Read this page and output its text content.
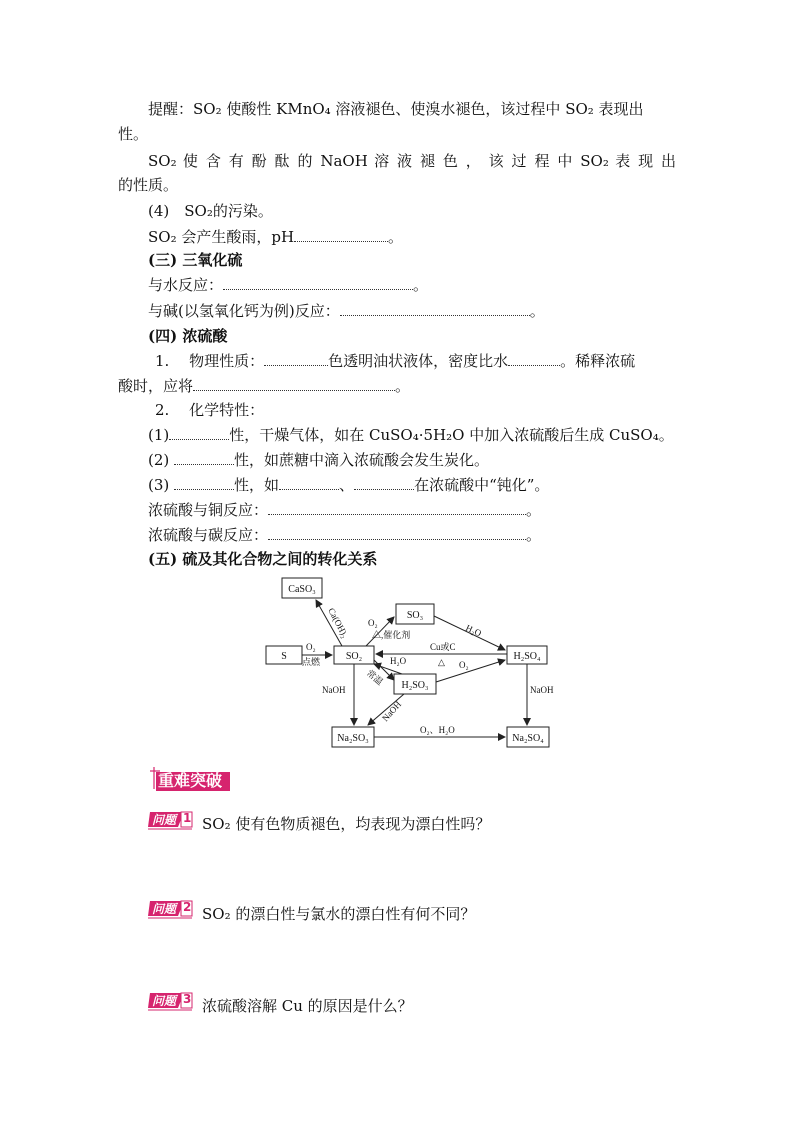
提醒：SO₂ 使酸性 KMnO₄ 溶液褪色、使溴水褪色，该过程中 SO₂ 表现出
性。
SO₂ 使 含 有 酚 酞 的 NaOH 溶 液 褪 色 ， 该 过 程 中 SO₂ 表 现 出
的性质。
(4)　SO₂的污染。
SO₂ 会产生酸雨，pH	。
(三) 三氧化硫
与水反应：	。
与碱(以氢氧化钙为例)反应：	。
(四) 浓硫酸
1.　 物理性质：	色透明油状液体，密度比水	。稀释浓硫
酸时，应将	。
2.　 化学特性：
(1)	性，干燥气体，如在 CuSO₄·5H₂O 中加入浓硫酸后生成 CuSO₄。
(2)	性，如蔗糖中滴入浓硫酸会发生炭化。
(3)	性，如	、	在浓硫酸中“钝化”。
浓硫酸与铜反应：	。
浓硫酸与碳反应：	。
(五) 硫及其化合物之间的转化关系
CaSO₃
SO₃
S	SO₂	H₂SO₄
H₂SO₃
Na₂SO₃	Na₂SO₄
Ca(OH)₂ O₂
△,催化剂	H₂O
Cu或C
△ O₂
O₂
点燃	H₂O
常温
NaOH
NaOH
NaOH
O₂、H₂O
重难突破
问题 1 SO₂ 使有色物质褪色，均表现为漂白性吗？
问题 2 SO₂ 的漂白性与氯水的漂白性有何不同？
问题 3 浓硫酸溶解 Cu 的原因是什么？
